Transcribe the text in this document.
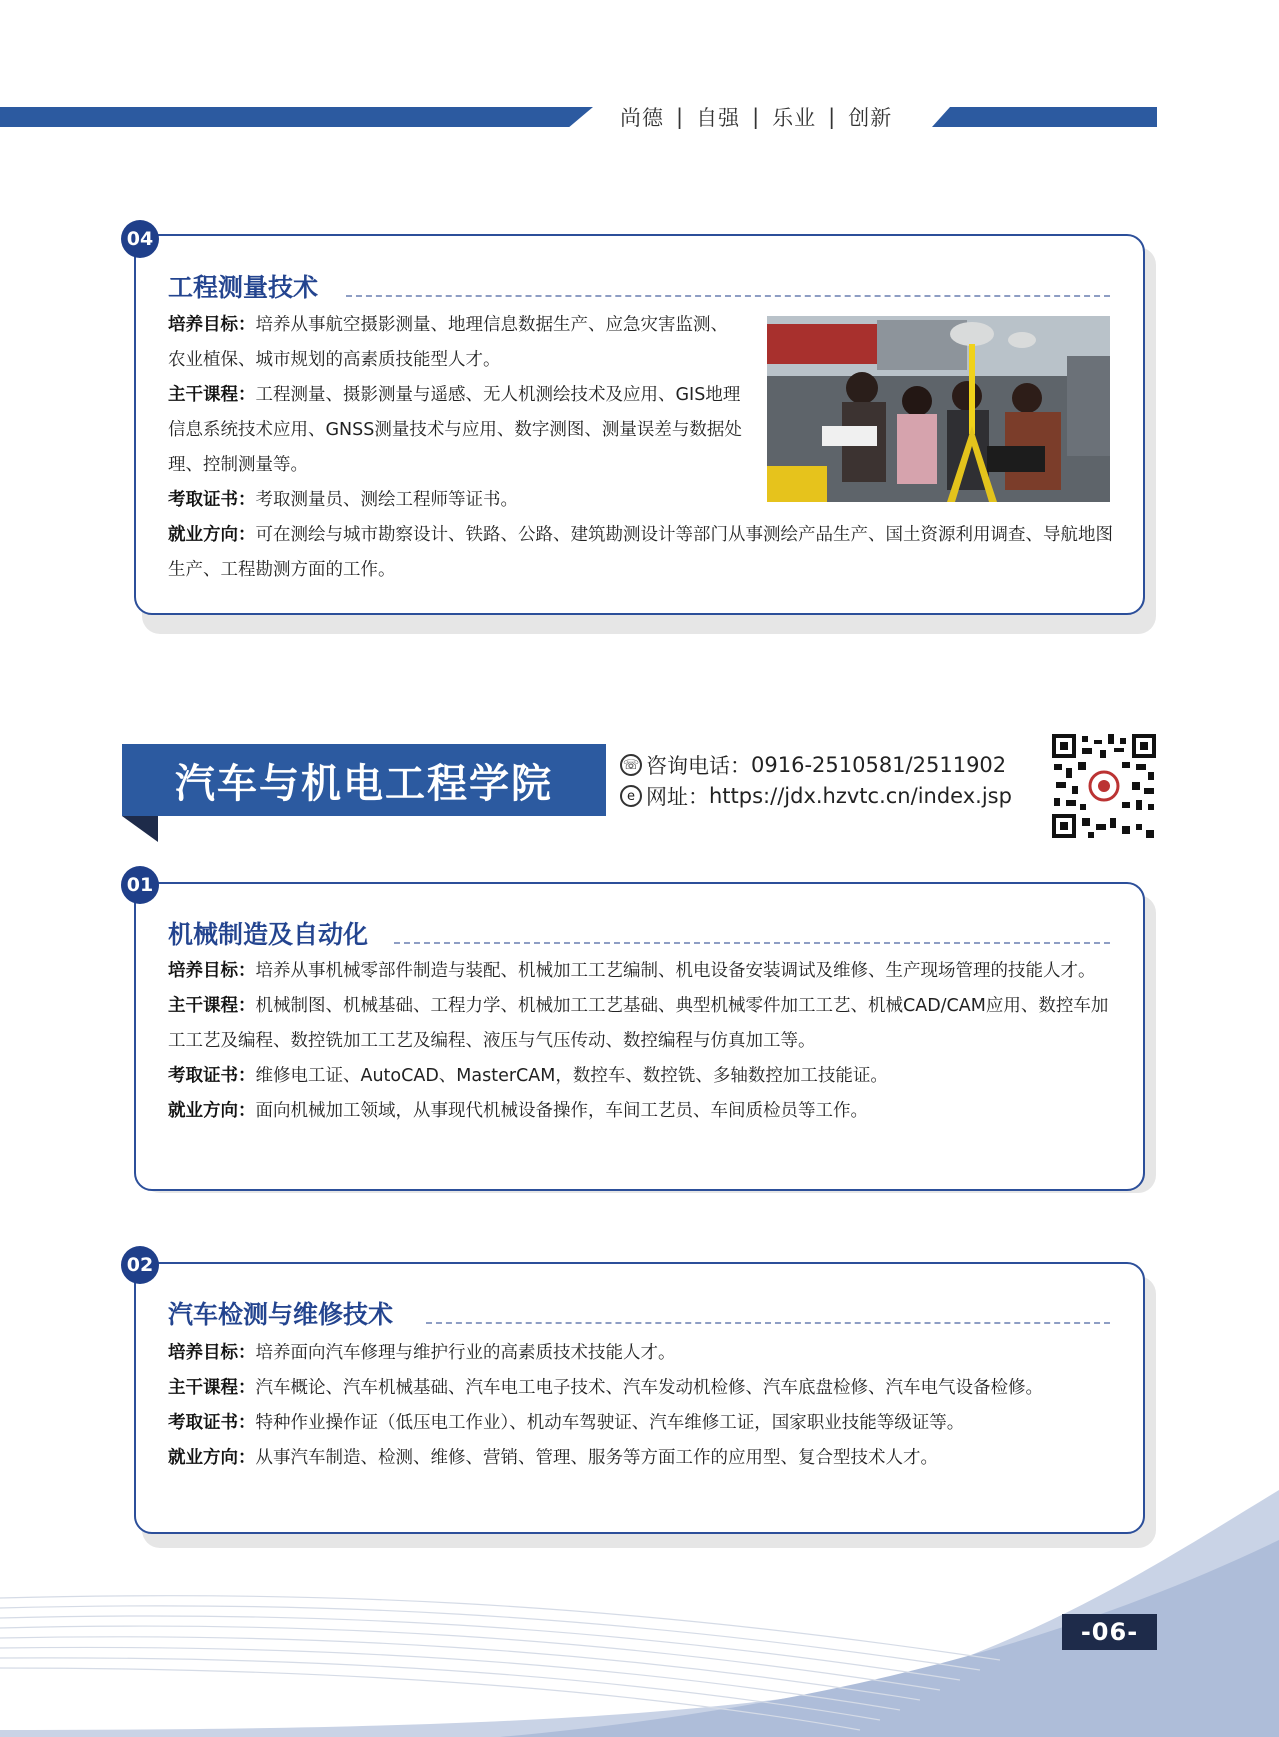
尚德 | 自强 | 乐业 | 创新
04
工程测量技术

培养目标：培养从事航空摄影测量、地理信息数据生产、应急灾害监测、农业植保、城市规划的高素质技能型人才。

主干课程：工程测量、摄影测量与遥感、无人机测绘技术及应用、GIS地理信息系统技术应用、GNSS测量技术与应用、数字测图、测量误差与数据处理、控制测量等。

考取证书：考取测量员、测绘工程师等证书。

就业方向：可在测绘与城市勘察设计、铁路、公路、建筑勘测设计等部门从事测绘产品生产、国土资源利用调查、导航地图生产、工程勘测方面的工作。

汽车与机电工程学院	☏ 咨询电话： 0916-2510581/2511902
e 网址： https://jdx.hzvtc.cn/index.jsp
01
机械制造及自动化

培养目标：培养从事机械零部件制造与装配、机械加工工艺编制、机电设备安装调试及维修、生产现场管理的技能人才。

主干课程：机械制图、机械基础、工程力学、机械加工工艺基础、典型机械零件加工工艺、机械CAD/CAM应用、数控车加工工艺及编程、数控铣加工工艺及编程、液压与气压传动、数控编程与仿真加工等。

考取证书：维修电工证、AutoCAD、MasterCAM，数控车、数控铣、多轴数控加工技能证。

就业方向：面向机械加工领域，从事现代机械设备操作，车间工艺员、车间质检员等工作。

02
汽车检测与维修技术

培养目标：培养面向汽车修理与维护行业的高素质技术技能人才。

主干课程：汽车概论、汽车机械基础、汽车电工电子技术、汽车发动机检修、汽车底盘检修、汽车电气设备检修。

考取证书：特种作业操作证（低压电工作业）、机动车驾驶证、汽车维修工证，国家职业技能等级证等。

就业方向：从事汽车制造、检测、维修、营销、管理、服务等方面工作的应用型、复合型技术人才。

-06-
